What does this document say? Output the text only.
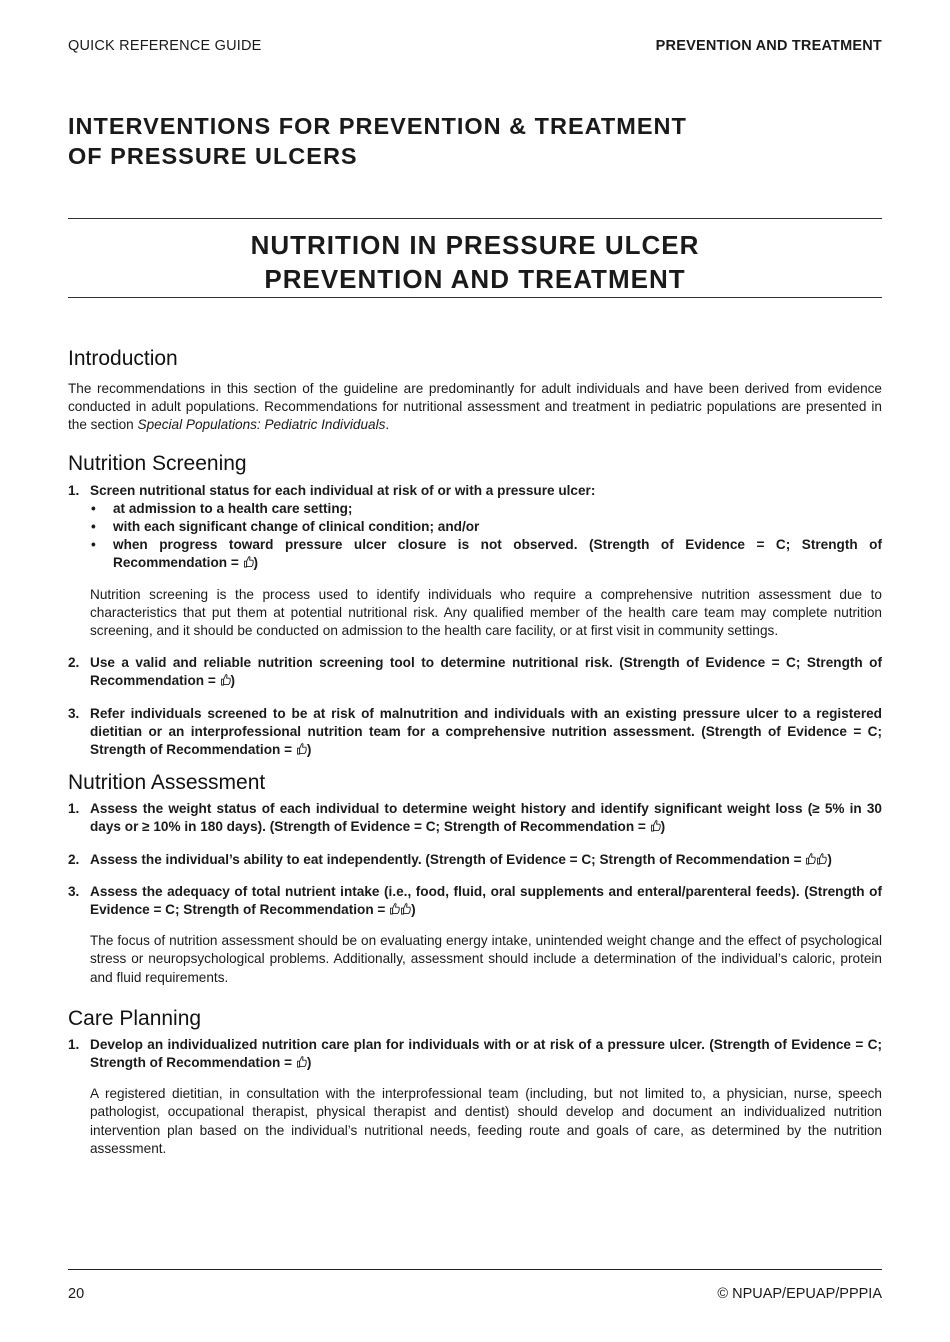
QUICK REFERENCE GUIDE	PREVENTION AND TREATMENT
INTERVENTIONS FOR PREVENTION & TREATMENT
OF PRESSURE ULCERS
NUTRITION IN PRESSURE ULCER
PREVENTION AND TREATMENT
Introduction

The recommendations in this section of the guideline are predominantly for adult individuals and have been derived from evidence conducted in adult populations. Recommendations for nutritional assessment and treatment in pediatric populations are presented in the section Special Populations: Pediatric Individuals.

Nutrition Screening
1. Screen nutritional status for each individual at risk of or with a pressure ulcer:
• at admission to a health care setting;
• with each significant change of clinical condition; and/or
• when progress toward pressure ulcer closure is not observed. (Strength of Evidence = C; Strength of Recommendation =
)

Nutrition screening is the process used to identify individuals who require a comprehensive nutrition assessment due to characteristics that put them at potential nutritional risk. Any qualified member of the health care team may complete nutrition screening, and it should be conducted on admission to the health care facility, or at first visit in community settings.

2. Use a valid and reliable nutrition screening tool to determine nutritional risk. (Strength of Evidence = C; Strength of Recommendation =
)
3. Refer individuals screened to be at risk of malnutrition and individuals with an existing pressure ulcer to a registered dietitian or an interprofessional nutrition team for a comprehensive nutrition assessment. (Strength of Evidence = C; Strength of Recommendation =
)
Nutrition Assessment
1. Assess the weight status of each individual to determine weight history and identify significant weight loss (≥ 5% in 30 days or ≥ 10% in 180 days). (Strength of Evidence = C; Strength of Recommendation =
)
2. Assess the individual’s ability to eat independently. (Strength of Evidence = C; Strength of Recommendation =
)
3. Assess the adequacy of total nutrient intake (i.e., food, fluid, oral supplements and enteral/parenteral feeds). (Strength of Evidence = C; Strength of Recommendation =
)

The focus of nutrition assessment should be on evaluating energy intake, unintended weight change and the effect of psychological stress or neuropsychological problems. Additionally, assessment should include a determination of the individual’s caloric, protein and fluid requirements.

Care Planning
1. Develop an individualized nutrition care plan for individuals with or at risk of a pressure ulcer. (Strength of Evidence = C; Strength of Recommendation =
)

A registered dietitian, in consultation with the interprofessional team (including, but not limited to, a physician, nurse, speech pathologist, occupational therapist, physical therapist and dentist) should develop and document an individualized nutrition intervention plan based on the individual’s nutritional needs, feeding route and goals of care, as determined by the nutrition assessment.

20	© NPUAP/EPUAP/PPPIA
